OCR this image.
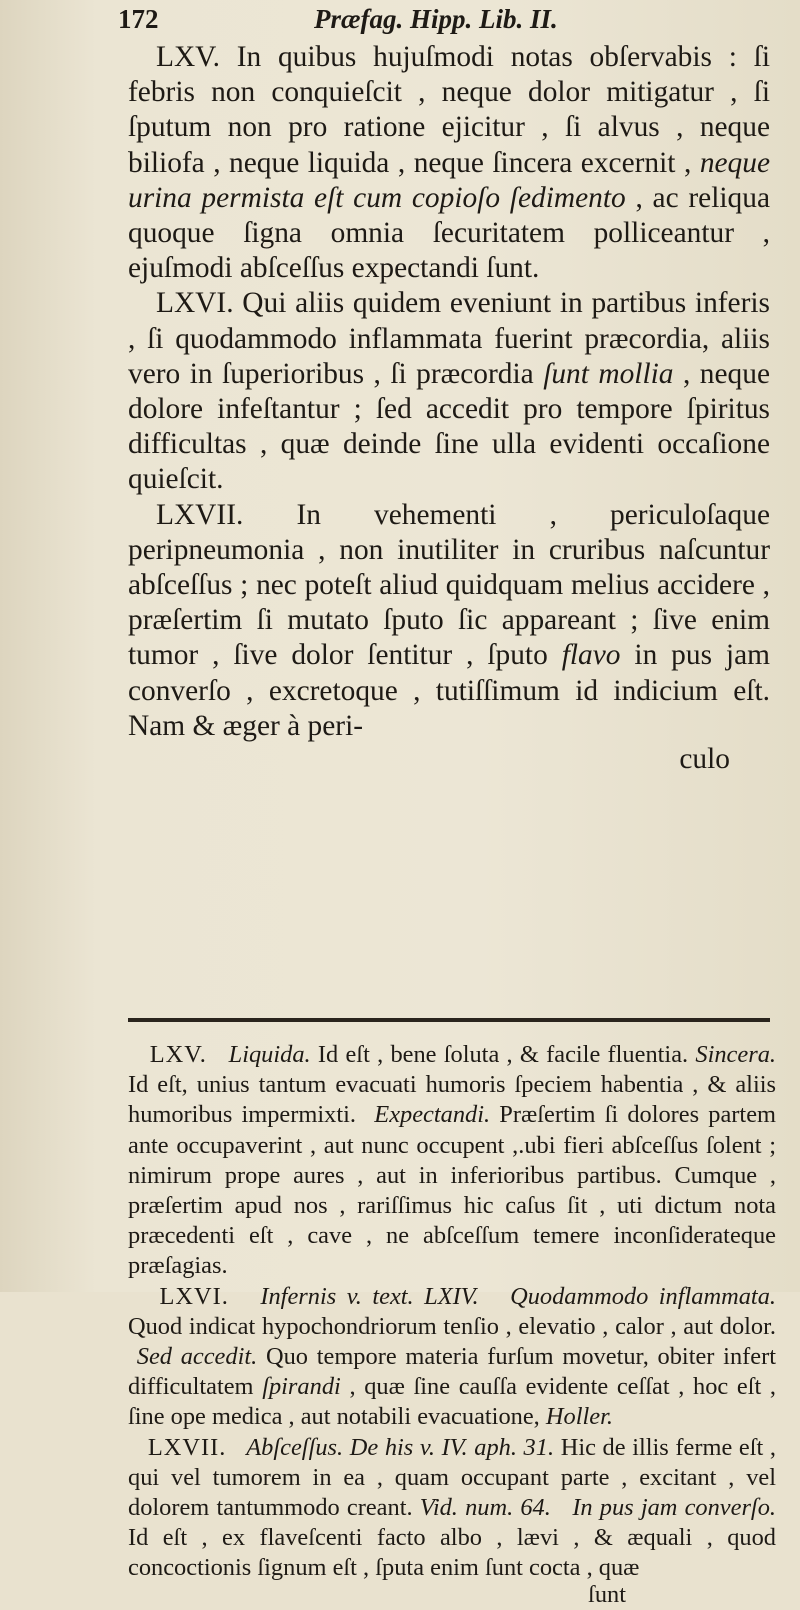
172	Præfag. Hipp. Lib. II.

LXV. In quibus hujuſmodi notas obſervabis : ſi febris non conquieſcit , neque dolor mitigatur , ſi ſputum non pro ratione ejicitur , ſi alvus , neque biliofa , neque liquida , neque ſincera excernit , neque urina permista eſt cum copioſo ſedimento , ac reliqua quoque ſigna omnia ſecuritatem polliceantur , ejuſmodi abſceſſus expectandi ſunt.

LXVI. Qui aliis quidem eveniunt in partibus inferis , ſi quodammodo inflammata fuerint præcordia, aliis vero in ſuperioribus , ſi præcordia ſunt mollia , neque dolore infeſtantur ; ſed accedit pro tempore ſpiritus difficultas , quæ deinde ſine ulla evidenti occaſione quieſcit.

LXVII. In vehementi , periculoſaque peripneumonia , non inutiliter in cruribus naſcuntur abſceſſus ; nec poteſt aliud quidquam melius accidere , præſertim ſi mutato ſputo ſic appareant ; ſive enim tumor , ſive dolor ſentitur , ſputo flavo in pus jam converſo , excretoque , tutiſſimum id indicium eſt. Nam & æger à peri-

culo

LXV. Liquida. Id eſt , bene ſoluta , & facile fluentia. Sincera. Id eſt, unius tantum evacuati humoris ſpeciem habentia , & aliis humoribus impermixti. Expectandi. Præſertim ſi dolores partem ante occupaverint , aut nunc occupent ,.ubi fieri abſceſſus ſolent ; nimirum prope aures , aut in inferioribus partibus. Cumque , præſertim apud nos , rariſſimus hic caſus ſit , uti dictum nota præcedenti eſt , cave , ne abſceſſum temere inconſiderateque præſagias.

LXVI. Infernis v. text. LXIV. Quodammodo inflammata. Quod indicat hypochondriorum tenſio , elevatio , calor , aut dolor.  Sed accedit. Quo tempore materia furſum movetur, obiter infert difficultatem ſpirandi , quæ ſine cauſſa evidente ceſſat , hoc eſt , ſine ope medica , aut notabili evacuatione, Holler.

LXVII. Abſceſſus. De his v. IV. aph. 31. Hic de illis ferme eſt , qui vel tumorem in ea , quam occupant parte , excitant , vel dolorem tantummodo creant. Vid. num. 64. In pus jam converſo. Id eſt , ex flaveſcenti facto albo , lævi , & æquali , quod concoctionis ſignum eſt , ſputa enim ſunt cocta , quæ

ſunt
